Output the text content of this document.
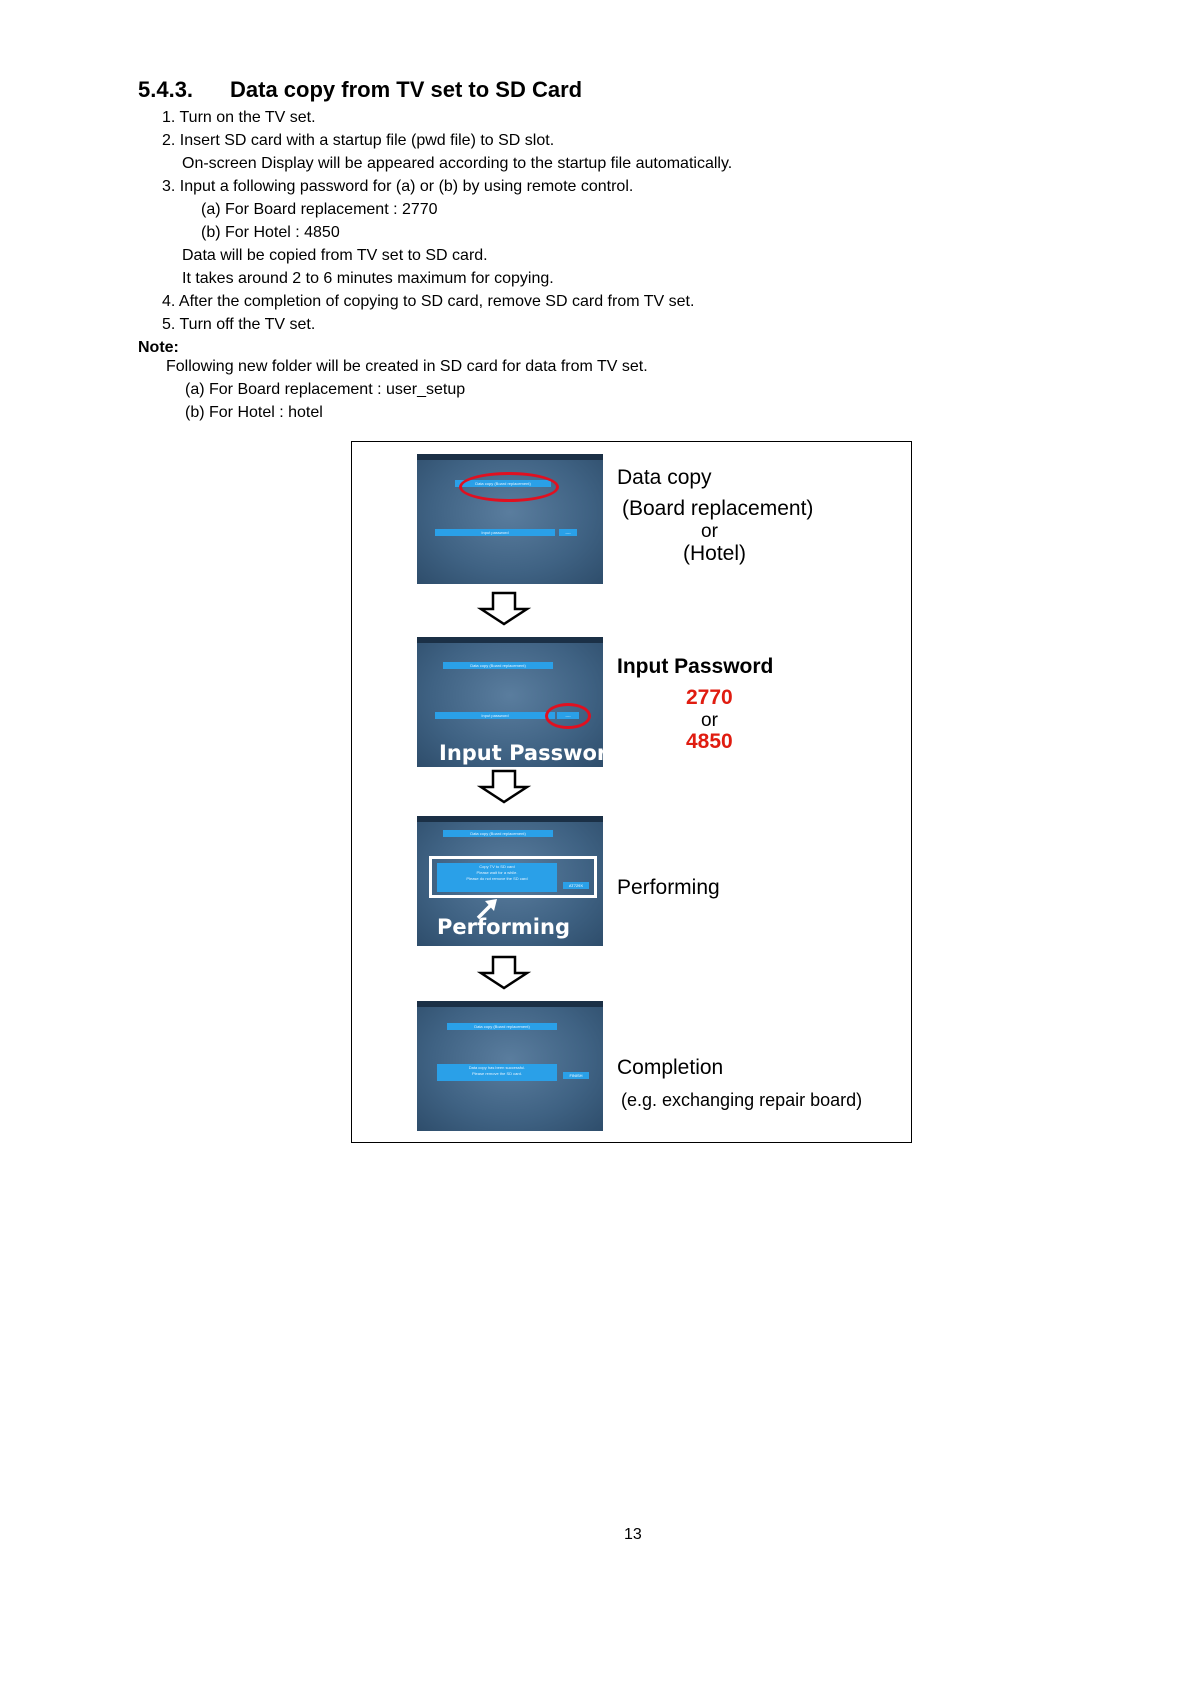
5.4.3. Data copy from TV set to SD Card
1. Turn on the TV set.
2. Insert SD card with a startup file (pwd file) to SD slot.
On-screen Display will be appeared according to the startup file automatically.
3. Input a following password for (a) or (b) by using remote control.
(a) For Board replacement : 2770
(b) For Hotel : 4850
Data will be copied from TV set to SD card.
It takes around 2 to 6 minutes maximum for copying.
4. After the completion of copying to SD card, remove SD card from TV set.
5. Turn off the TV set.
Note:
Following new folder will be created in SD card for data from TV set.
(a) For Board replacement : user_setup
(b) For Hotel : hotel
Data copy (Board replacement)
Input password	----
Data copy
(Board replacement)
or
(Hotel)
Data copy (Board replacement)
Input password	----
Input Password
Input Password
2770
or
4850
Data copy (Board replacement)
Copy TV to SD card
Please wait for a while.
Please do not remove the SD card
AT729X
Performing
Performing
Data copy (Board replacement)
Data copy has been successful.
Please remove the SD card.	FINISH	Completion
(e.g. exchanging repair board)
13
